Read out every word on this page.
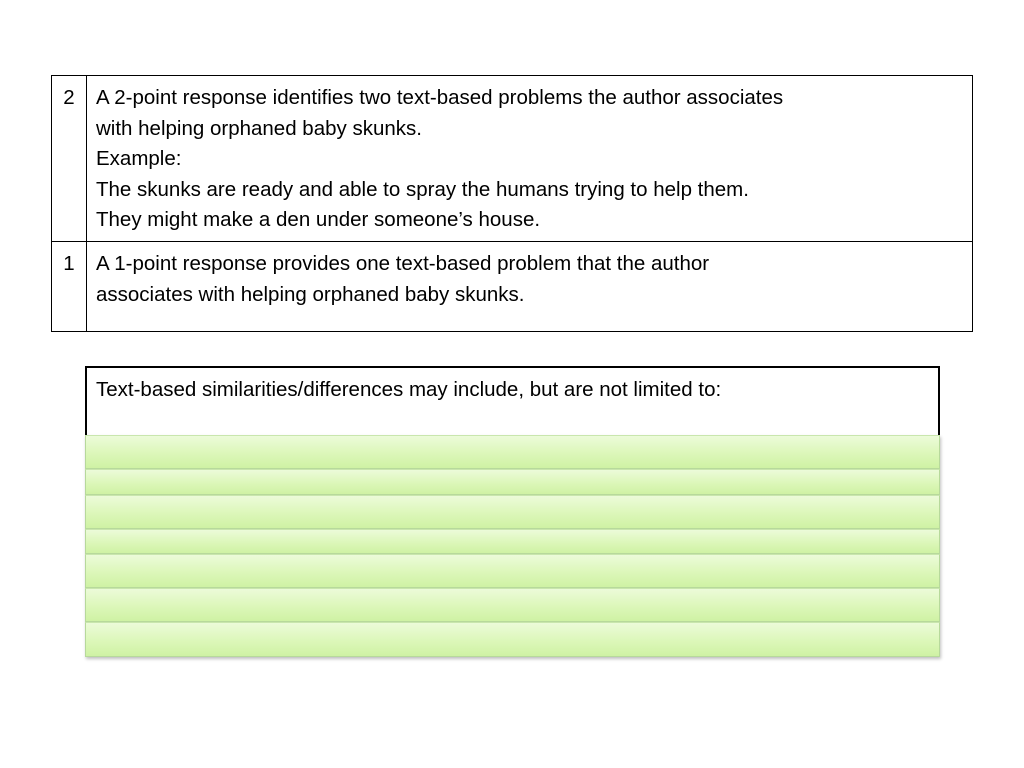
2	A 2-point response identifies two text-based problems the author associates
with helping orphaned baby skunks.
Example:
The skunks are ready and able to spray the humans trying to help them.
They might make a den under someone’s house.

1	A 1-point response provides one text-based problem that the author
associates with helping orphaned baby skunks.
Text-based similarities/differences may include, but are not limited to:
